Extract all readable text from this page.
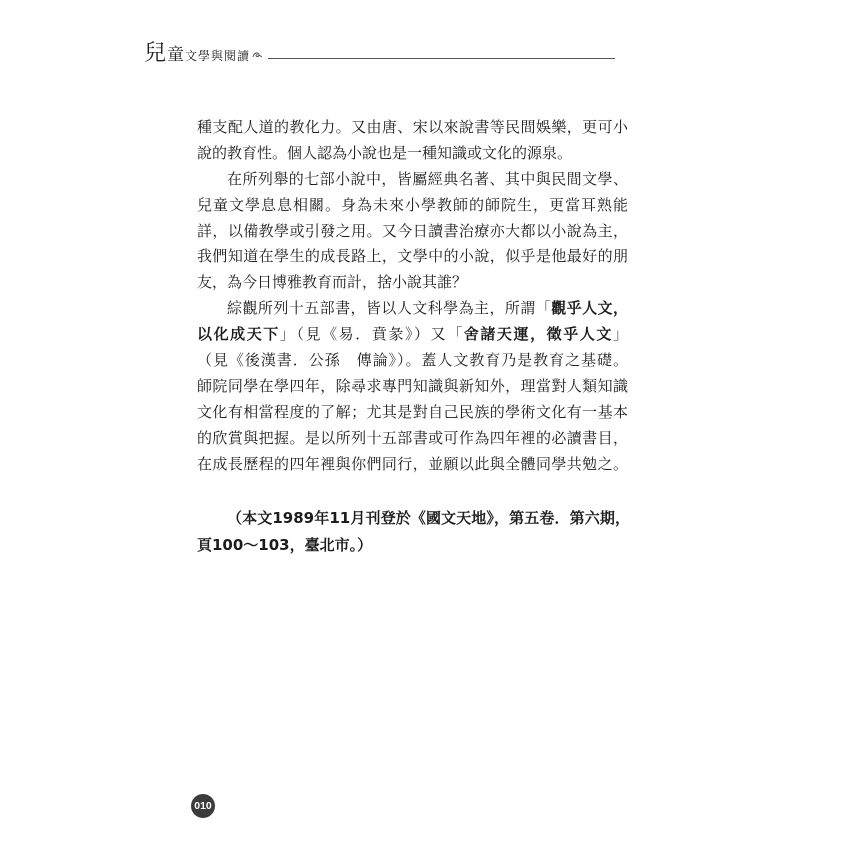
兒 童 文學與閱讀
種支配人道的教化力。又由唐、宋以來說書等民間娛樂，更可小
說的教育性。個人認為小說也是一種知識或文化的源泉。
在所列舉的七部小說中，皆屬經典名著、其中與民間文學、
兒童文學息息相關。身為未來小學教師的師院生，更當耳熟能
詳，以備教學或引發之用。又今日讀書治療亦大都以小說為主，
我們知道在學生的成長路上，文學中的小說，似乎是他最好的朋
友，為今日博雅教育而計，捨小說其誰？
綜觀所列十五部書，皆以人文科學為主，所謂「觀乎人文，
以化成天下」（見《易．賁彖》）又「舍諸天運，徵乎人文」
（見《後漢書．公孫　傳論》）。蓋人文教育乃是教育之基礎。
師院同學在學四年，除尋求專門知識與新知外，理當對人類知識
文化有相當程度的了解；尤其是對自己民族的學術文化有一基本
的欣賞與把握。是以所列十五部書或可作為四年裡的必讀書目，
在成長歷程的四年裡與你們同行，並願以此與全體同學共勉之。
（本文1989年11月刊登於《國文天地》，第五卷．第六期，
頁100～103，臺北市。）
010
